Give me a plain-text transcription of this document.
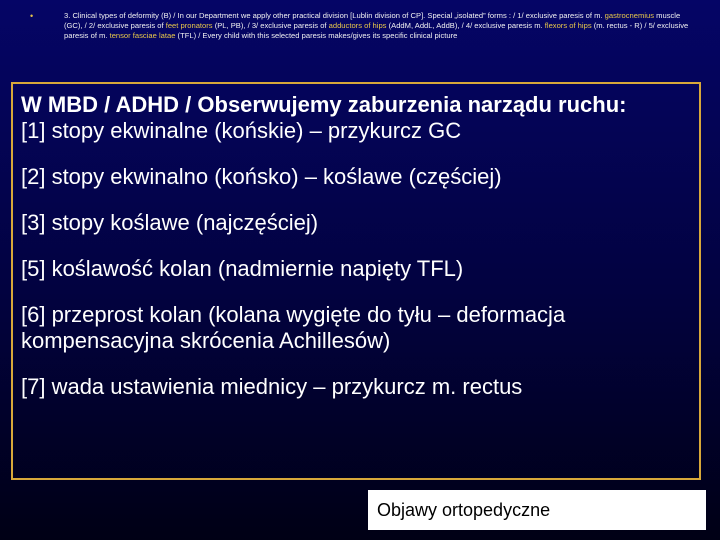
•	3. Clinical types of deformity (B) / In our Department we apply other practical division [Lublin division of CP]. Special „isolated” forms : / 1/ exclusive paresis of m. gastrocnemius muscle (GC), / 2/ exclusive paresis of feet pronators (PL, PB), / 3/ exclusive paresis of adductors of hips (AddM, AddL, AddB), / 4/ exclusive paresis m. flexors of hips (m. rectus - R) / 5/ exclusive paresis of m. tensor fasciae latae (TFL) / Every child with this selected paresis makes/gives its specific clinical picture
W MBD / ADHD / Obserwujemy zaburzenia narządu ruchu:
[1] stopy ekwinalne (końskie) – przykurcz GC
[2] stopy ekwinalno (końsko) – koślawe (częściej)
[3] stopy koślawe (najczęściej)
[5] koślawość kolan (nadmiernie napięty TFL)
[6] przeprost kolan (kolana wygięte do tyłu – deformacja kompensacyjna skrócenia Achillesów)
[7] wada ustawienia miednicy – przykurcz m. rectus
Objawy ortopedyczne
